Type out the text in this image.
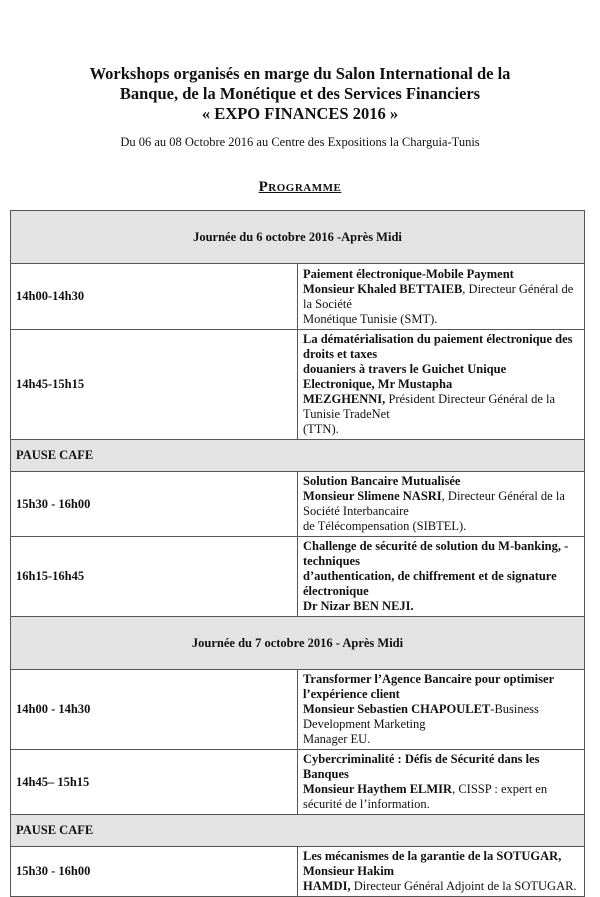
Workshops organisés en marge du Salon International de la
Banque, de la Monétique et des Services Financiers
« EXPO FINANCES 2016 »
Du 06 au 08 Octobre 2016 au Centre des Expositions la Charguia-Tunis
Programme
Journée du 6 octobre 2016 -Après Midi	
14h00-14h30	Paiement électronique-Mobile Payment
Monsieur Khaled BETTAIEB, Directeur Général de la Société
Monétique Tunisie (SMT).

14h45-15h15	La dématérialisation du paiement électronique des droits et taxes
douaniers à travers le Guichet Unique Electronique, Mr Mustapha
MEZGHENNI, Président Directeur Général de la Tunisie TradeNet
(TTN).

PAUSE CAFE	
15h30 - 16h00	Solution Bancaire Mutualisée
Monsieur Slimene NASRI, Directeur Général de la Société Interbancaire
de Télécompensation (SIBTEL).

16h15-16h45	Challenge de sécurité de solution du M-banking, -techniques
d’authentication, de chiffrement et de signature électronique
Dr Nizar BEN NEJI.

Journée du 7 octobre 2016 - Après Midi	
14h00 - 14h30	Transformer l’Agence Bancaire pour optimiser l’expérience client
Monsieur Sebastien CHAPOULET-Business Development Marketing
Manager EU.

14h45– 15h15	Cybercriminalité : Défis de Sécurité dans les Banques
Monsieur Haythem ELMIR, CISSP : expert en sécurité de l’information.

PAUSE CAFE	
15h30 - 16h00	Les mécanismes de la garantie de la SOTUGAR, Monsieur Hakim
HAMDI, Directeur Général Adjoint de la SOTUGAR.
